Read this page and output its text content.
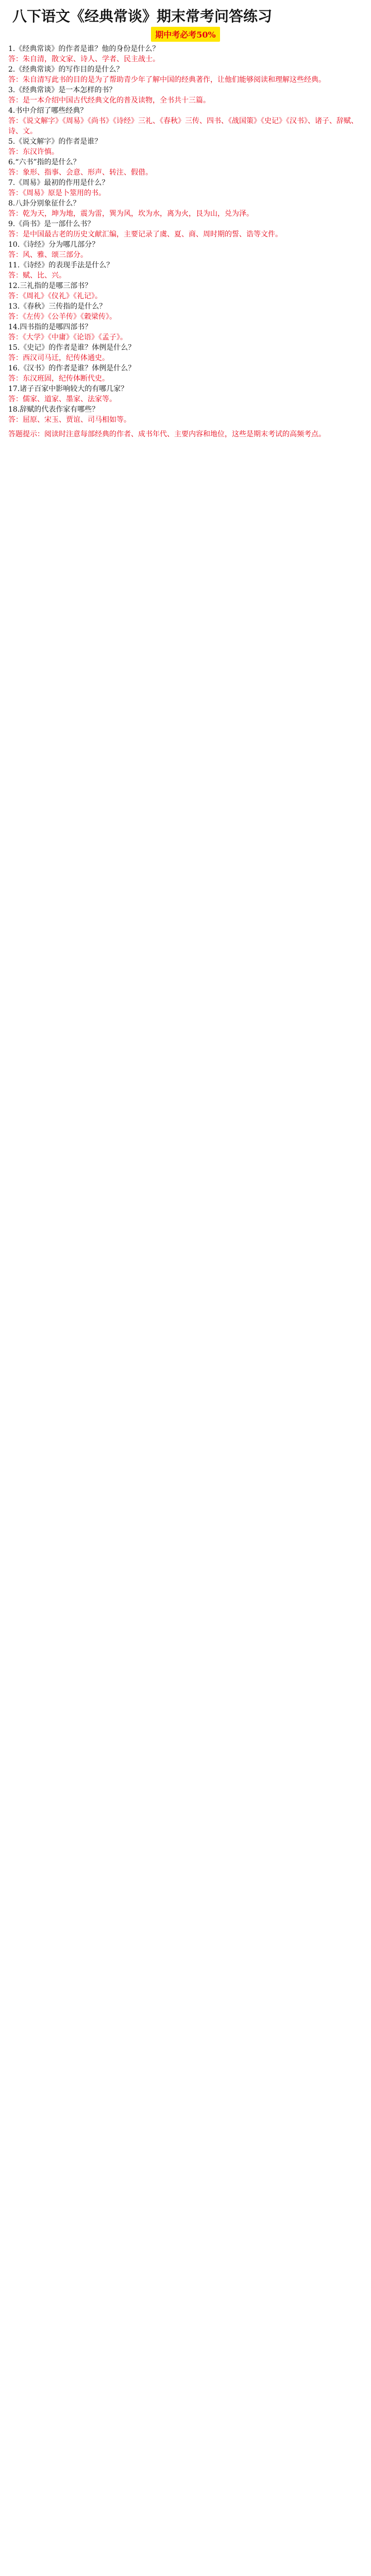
八下语文《经典常谈》期末常考问答练习
期中考必考50%
1.《经典常谈》的作者是谁？他的身份是什么？
答：朱自清，散文家、诗人、学者、民主战士。
2.《经典常谈》的写作目的是什么？
答：朱自清写此书的目的是为了帮助青少年了解中国的经典著作，让他们能够阅读和理解这些经典。
3.《经典常谈》是一本怎样的书？
答：是一本介绍中国古代经典文化的普及读物，全书共十三篇。
4.书中介绍了哪些经典？
答：《说文解字》《周易》《尚书》《诗经》三礼、《春秋》三传、四书、《战国策》《史记》《汉书》、诸子、辞赋、诗、文。
5.《说文解字》的作者是谁？
答：东汉许慎。
6.“六书”指的是什么？
答：象形、指事、会意、形声、转注、假借。
7.《周易》最初的作用是什么？
答：《周易》原是卜筮用的书。
8.八卦分别象征什么？
答：乾为天，坤为地，震为雷，巽为风，坎为水，离为火，艮为山，兑为泽。
9.《尚书》是一部什么书？
答：是中国最古老的历史文献汇编，主要记录了虞、夏、商、周时期的誓、诰等文件。
10.《诗经》分为哪几部分？
答：风、雅、颂三部分。
11.《诗经》的表现手法是什么？
答：赋、比、兴。
12.三礼指的是哪三部书？
答：《周礼》《仪礼》《礼记》。
13.《春秋》三传指的是什么？
答：《左传》《公羊传》《穀梁传》。
14.四书指的是哪四部书？
答：《大学》《中庸》《论语》《孟子》。
15.《史记》的作者是谁？体例是什么？
答：西汉司马迁，纪传体通史。
16.《汉书》的作者是谁？体例是什么？
答：东汉班固，纪传体断代史。
17.诸子百家中影响较大的有哪几家？
答：儒家、道家、墨家、法家等。
18.辞赋的代表作家有哪些？
答：屈原、宋玉、贾谊、司马相如等。
答题提示：阅读时注意每部经典的作者、成书年代、主要内容和地位，这些是期末考试的高频考点。
